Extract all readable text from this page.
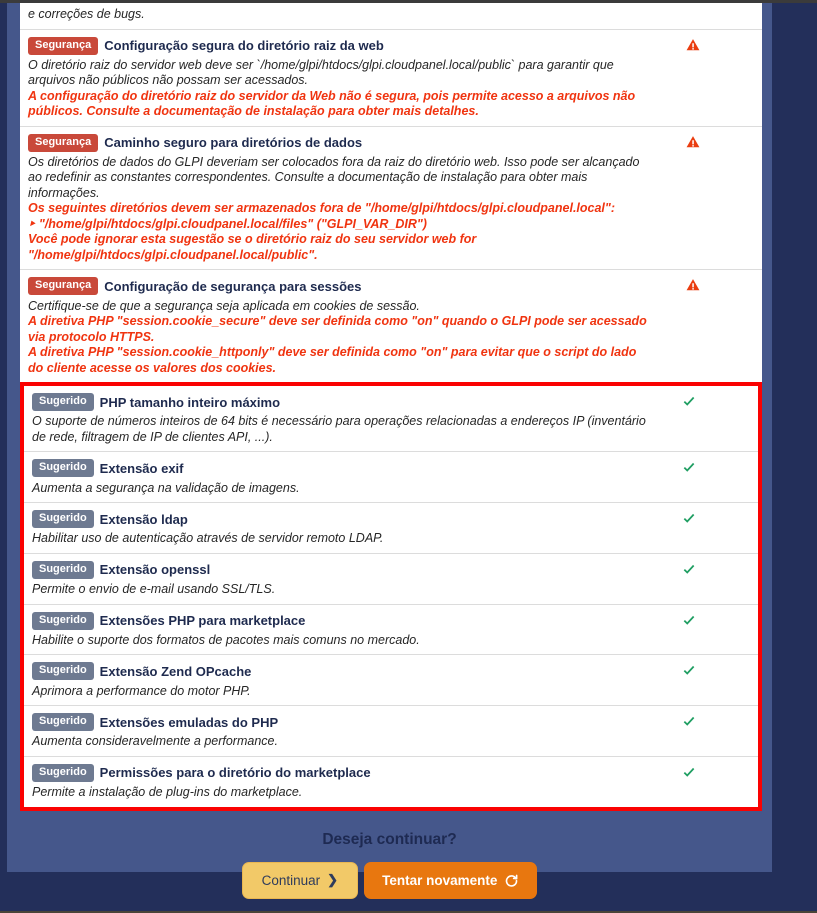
e correções de bugs.
Segurança Configuração segura do diretório raiz da web
O diretório raiz do servidor web deve ser `/home/glpi/htdocs/glpi.cloudpanel.local/public` para garantir que arquivos não públicos não possam ser acessados.
A configuração do diretório raiz do servidor da Web não é segura, pois permite acesso a arquivos não públicos. Consulte a documentação de instalação para obter mais detalhes.
Segurança Caminho seguro para diretórios de dados
Os diretórios de dados do GLPI deveriam ser colocados fora da raiz do diretório web. Isso pode ser alcançado ao redefinir as constantes correspondentes. Consulte a documentação de instalação para obter mais informações.
Os seguintes diretórios devem ser armazenados fora de "/home/glpi/htdocs/glpi.cloudpanel.local":
‣ "/home/glpi/htdocs/glpi.cloudpanel.local/files" ("GLPI_VAR_DIR")
Você pode ignorar esta sugestão se o diretório raiz do seu servidor web for "/home/glpi/htdocs/glpi.cloudpanel.local/public".
Segurança Configuração de segurança para sessões
Certifique-se de que a segurança seja aplicada em cookies de sessão.
A diretiva PHP "session.cookie_secure" deve ser definida como "on" quando o GLPI pode ser acessado via protocolo HTTPS.
A diretiva PHP "session.cookie_httponly" deve ser definida como "on" para evitar que o script do lado do cliente acesse os valores dos cookies.
Sugerido PHP tamanho inteiro máximo
O suporte de números inteiros de 64 bits é necessário para operações relacionadas a endereços IP (inventário de rede, filtragem de IP de clientes API, ...).
Sugerido Extensão exif
Aumenta a segurança na validação de imagens.
Sugerido Extensão ldap
Habilitar uso de autenticação através de servidor remoto LDAP.
Sugerido Extensão openssl
Permite o envio de e-mail usando SSL/TLS.
Sugerido Extensões PHP para marketplace
Habilite o suporte dos formatos de pacotes mais comuns no mercado.
Sugerido Extensão Zend OPcache
Aprimora a performance do motor PHP.
Sugerido Extensões emuladas do PHP
Aumenta consideravelmente a performance.
Sugerido Permissões para o diretório do marketplace
Permite a instalação de plug-ins do marketplace.
Deseja continuar?
Continuar ❯	Tentar novamente
